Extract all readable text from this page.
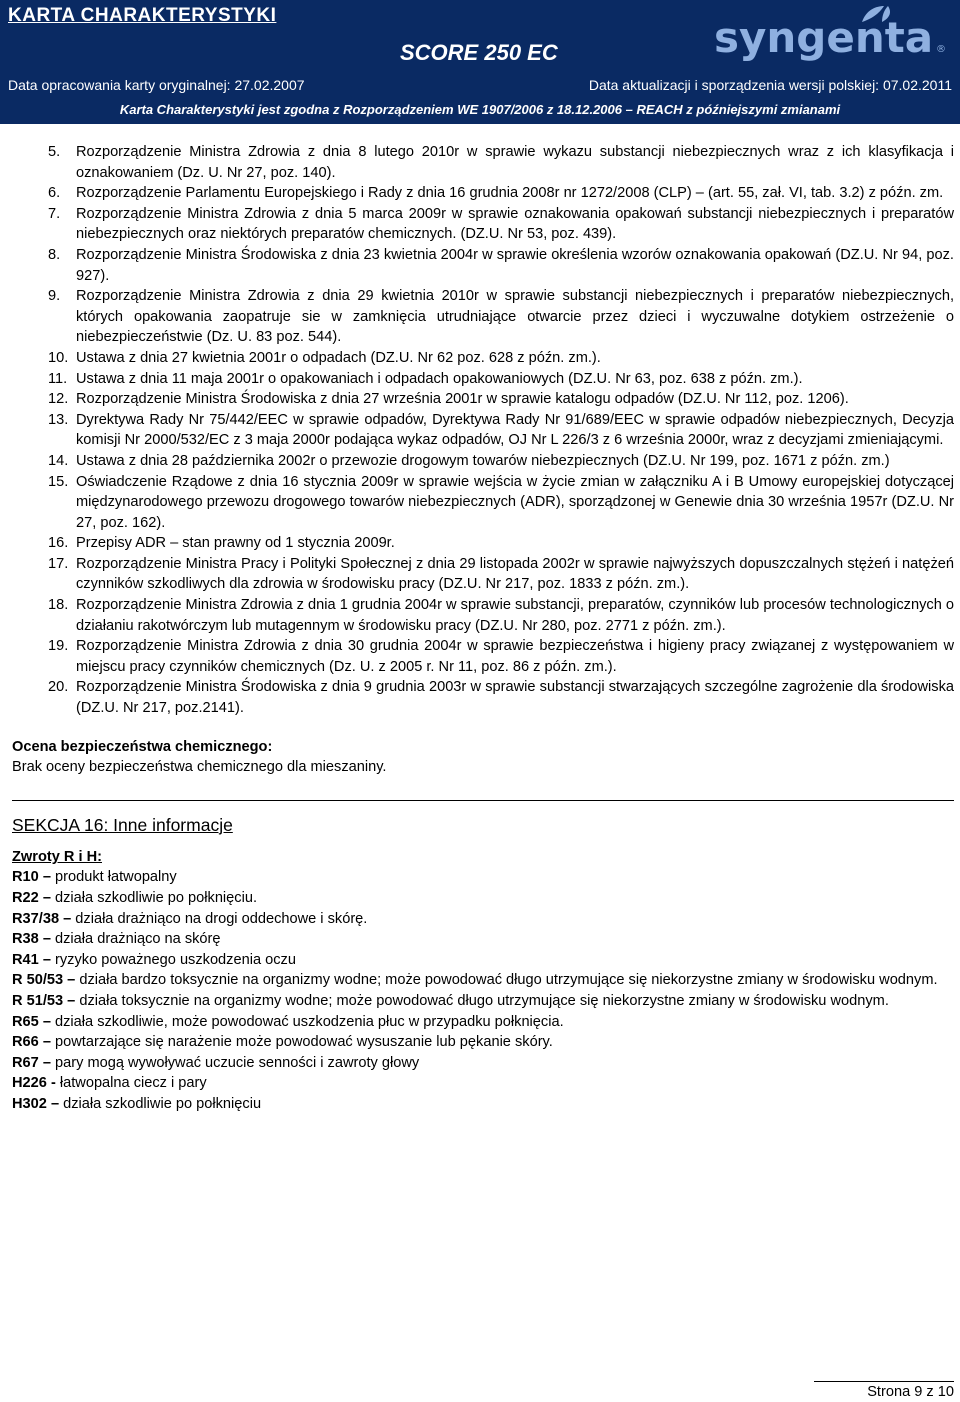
KARTA CHARAKTERYSTYKI
SCORE 250 EC	syngenta ®
Data opracowania karty oryginalnej: 27.02.2007	Data aktualizacji i sporządzenia wersji polskiej: 07.02.2011
Karta Charakterystyki jest zgodna z Rozporządzeniem WE 1907/2006 z 18.12.2006 – REACH z późniejszymi zmianami
5. Rozporządzenie Ministra Zdrowia z dnia 8 lutego 2010r w sprawie wykazu substancji niebezpiecznych wraz z ich klasyfikacja i oznakowaniem (Dz. U. Nr 27, poz. 140).
6. Rozporządzenie Parlamentu Europejskiego i Rady z dnia 16 grudnia 2008r nr 1272/2008 (CLP) – (art. 55, zał. VI, tab. 3.2) z późn. zm.
7. Rozporządzenie Ministra Zdrowia z dnia 5 marca 2009r w sprawie oznakowania opakowań substancji niebezpiecznych i preparatów niebezpiecznych oraz niektórych preparatów chemicznych. (DZ.U. Nr 53, poz. 439).
8. Rozporządzenie Ministra Środowiska z dnia 23 kwietnia 2004r w sprawie określenia wzorów oznakowania opakowań (DZ.U. Nr 94, poz. 927).
9. Rozporządzenie Ministra Zdrowia z dnia 29 kwietnia 2010r w sprawie substancji niebezpiecznych i preparatów niebezpiecznych, których opakowania zaopatruje sie w zamknięcia utrudniające otwarcie przez dzieci i wyczuwalne dotykiem ostrzeżenie o niebezpieczeństwie (Dz. U. 83 poz. 544).
10. Ustawa z dnia 27 kwietnia 2001r o odpadach (DZ.U. Nr 62 poz. 628 z późn. zm.).
11. Ustawa z dnia 11 maja 2001r o opakowaniach i odpadach opakowaniowych (DZ.U. Nr 63, poz. 638 z późn. zm.).
12. Rozporządzenie Ministra Środowiska z dnia 27 września 2001r w sprawie katalogu odpadów (DZ.U. Nr 112, poz. 1206).
13. Dyrektywa Rady Nr 75/442/EEC w sprawie odpadów, Dyrektywa Rady Nr 91/689/EEC w sprawie odpadów niebezpiecznych, Decyzja komisji Nr 2000/532/EC z 3 maja 2000r podająca wykaz odpadów, OJ Nr L 226/3 z 6 września 2000r, wraz z decyzjami zmieniającymi.
14. Ustawa z dnia 28 października 2002r o przewozie drogowym towarów niebezpiecznych (DZ.U. Nr 199, poz. 1671 z późn. zm.)
15. Oświadczenie Rządowe z dnia 16 stycznia 2009r w sprawie wejścia w życie zmian w załączniku A i B Umowy europejskiej dotyczącej międzynarodowego przewozu drogowego towarów niebezpiecznych (ADR), sporządzonej w Genewie dnia 30 września 1957r (DZ.U. Nr 27, poz. 162).
16. Przepisy ADR – stan prawny od 1 stycznia 2009r.
17. Rozporządzenie Ministra Pracy i Polityki Społecznej z dnia 29 listopada 2002r w sprawie najwyższych dopuszczalnych stężeń i natężeń czynników szkodliwych dla zdrowia w środowisku pracy (DZ.U. Nr 217, poz. 1833 z późn. zm.).
18. Rozporządzenie Ministra Zdrowia z dnia 1 grudnia 2004r w sprawie substancji, preparatów, czynników lub procesów technologicznych o działaniu rakotwórczym lub mutagennym w środowisku pracy (DZ.U. Nr 280, poz. 2771 z późn. zm.).
19. Rozporządzenie Ministra Zdrowia z dnia 30 grudnia 2004r w sprawie bezpieczeństwa i higieny pracy związanej z występowaniem w miejscu pracy czynników chemicznych (Dz. U. z 2005 r. Nr 11, poz. 86 z późn. zm.).
20. Rozporządzenie Ministra Środowiska z dnia 9 grudnia 2003r w sprawie substancji stwarzających szczególne zagrożenie dla środowiska (DZ.U. Nr 217, poz.2141).
Ocena bezpieczeństwa chemicznego:
Brak oceny bezpieczeństwa chemicznego dla mieszaniny.
SEKCJA 16: Inne informacje
Zwroty R i H:
R10 – produkt łatwopalny
R22 – działa szkodliwie po połknięciu.
R37/38 – działa drażniąco na drogi oddechowe i skórę.
R38 – działa drażniąco na skórę
R41 – ryzyko poważnego uszkodzenia oczu
R 50/53 – działa bardzo toksycznie na organizmy wodne; może powodować długo utrzymujące się niekorzystne zmiany w środowisku wodnym.
R 51/53 – działa toksycznie na organizmy wodne; może powodować długo utrzymujące się niekorzystne zmiany w środowisku wodnym.
R65 – działa szkodliwie, może powodować uszkodzenia płuc w przypadku połknięcia.
R66 – powtarzające się narażenie może powodować wysuszanie lub pękanie skóry.
R67 – pary mogą wywoływać uczucie senności i zawroty głowy
H226 - łatwopalna ciecz i pary
H302 – działa szkodliwie po połknięciu
Strona 9 z 10
